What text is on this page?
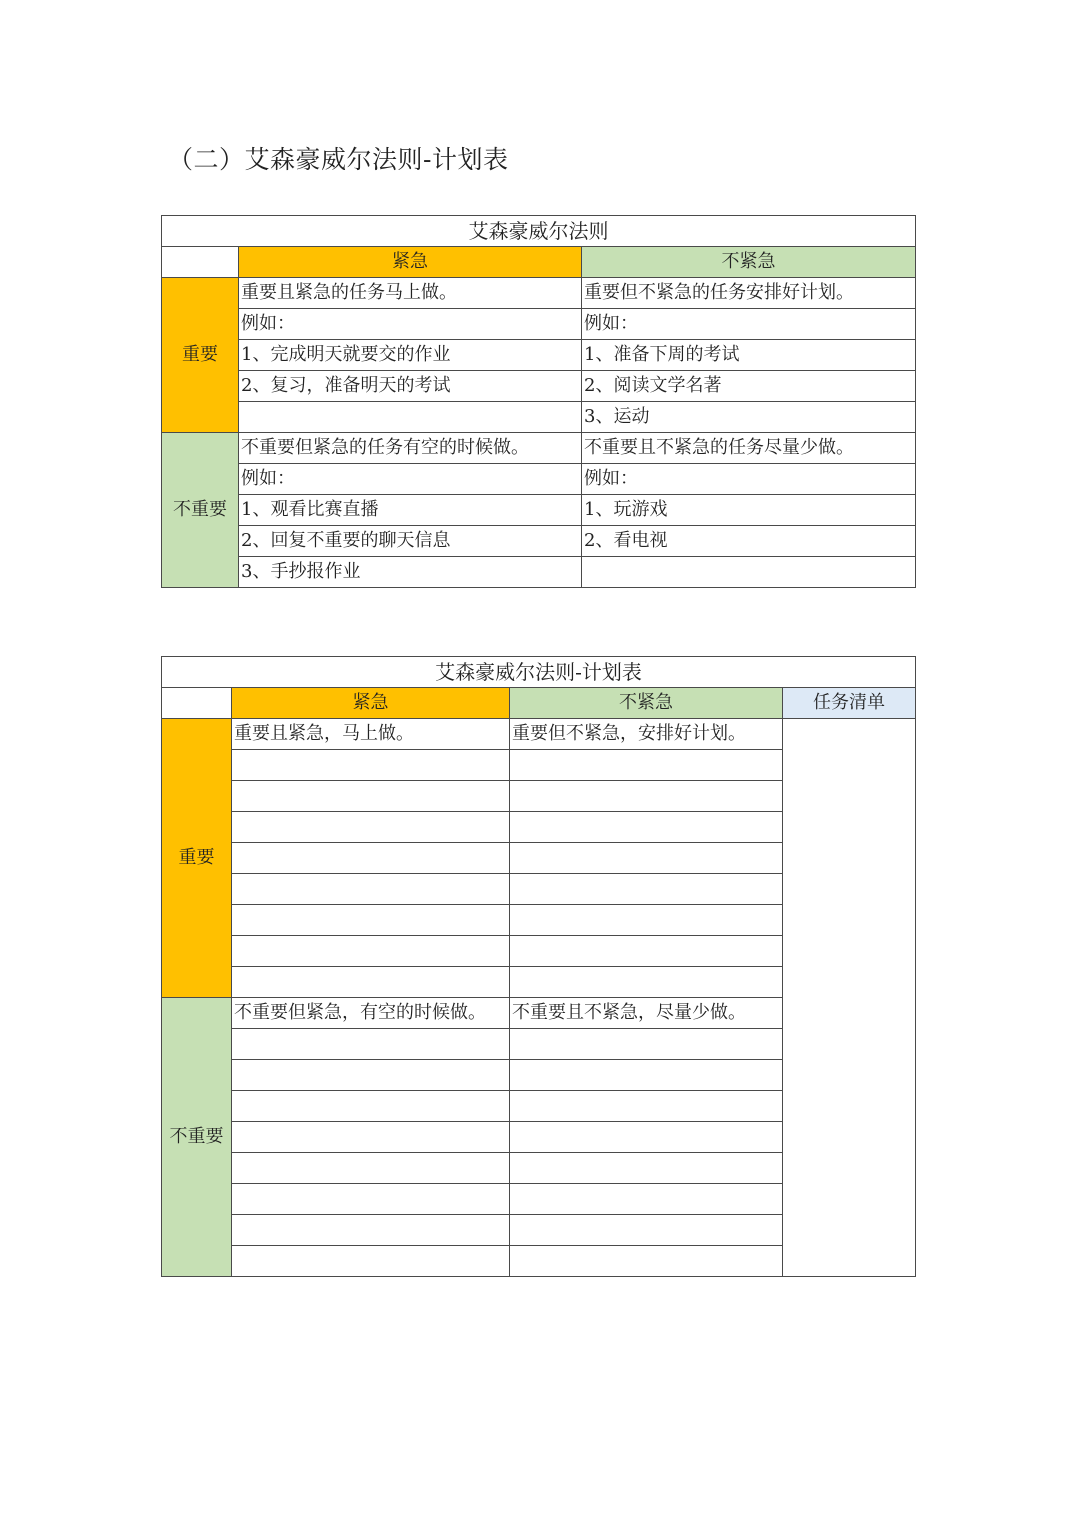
（二）艾森豪威尔法则-计划表
艾森豪威尔法则		
	紧急	不紧急
重要	重要且紧急的任务马上做。	重要但不紧急的任务安排好计划。
	例如：	例如：
	1、完成明天就要交的作业	1、准备下周的考试
	2、复习，准备明天的考试	2、阅读文学名著
		3、运动
不重要	不重要但紧急的任务有空的时候做。	不重要且不紧急的任务尽量少做。
	例如：	例如：
	1、观看比赛直播	1、玩游戏
	2、回复不重要的聊天信息	2、看电视
	3、手抄报作业	
艾森豪威尔法则-计划表			
	紧急	不紧急	任务清单
重要	重要且紧急，马上做。	重要但不紧急，安排好计划。	

不重要	不重要但紧急，有空的时候做。	不重要且不紧急，尽量少做。	
